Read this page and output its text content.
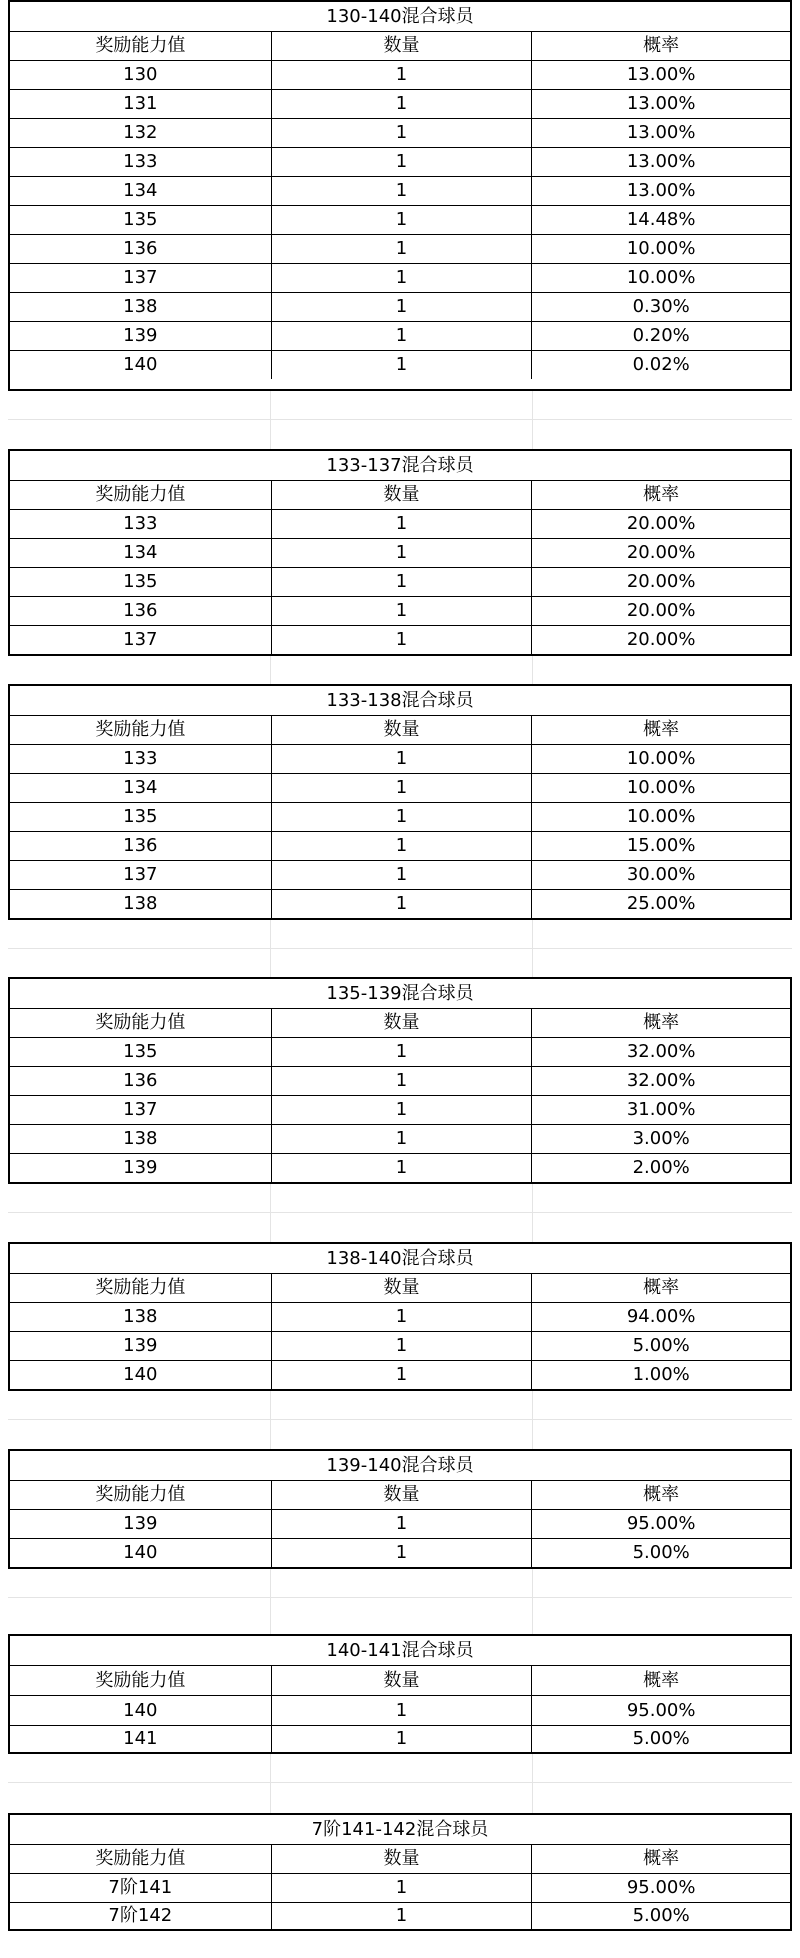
130-140混合球员
奖励能力值	数量	概率
130	1	13.00%
131	1	13.00%
132	1	13.00%
133	1	13.00%
134	1	13.00%
135	1	14.48%
136	1	10.00%
137	1	10.00%
138	1	0.30%
139	1	0.20%
140	1	0.02%
133-137混合球员
奖励能力值	数量	概率
133	1	20.00%
134	1	20.00%
135	1	20.00%
136	1	20.00%
137	1	20.00%
133-138混合球员
奖励能力值	数量	概率
133	1	10.00%
134	1	10.00%
135	1	10.00%
136	1	15.00%
137	1	30.00%
138	1	25.00%
135-139混合球员
奖励能力值	数量	概率
135	1	32.00%
136	1	32.00%
137	1	31.00%
138	1	3.00%
139	1	2.00%
138-140混合球员
奖励能力值	数量	概率
138	1	94.00%
139	1	5.00%
140	1	1.00%
139-140混合球员
奖励能力值	数量	概率
139	1	95.00%
140	1	5.00%
140-141混合球员
奖励能力值	数量	概率
140	1	95.00%
141	1	5.00%
7阶141-142混合球员
奖励能力值	数量	概率
7阶141	1	95.00%
7阶142	1	5.00%
